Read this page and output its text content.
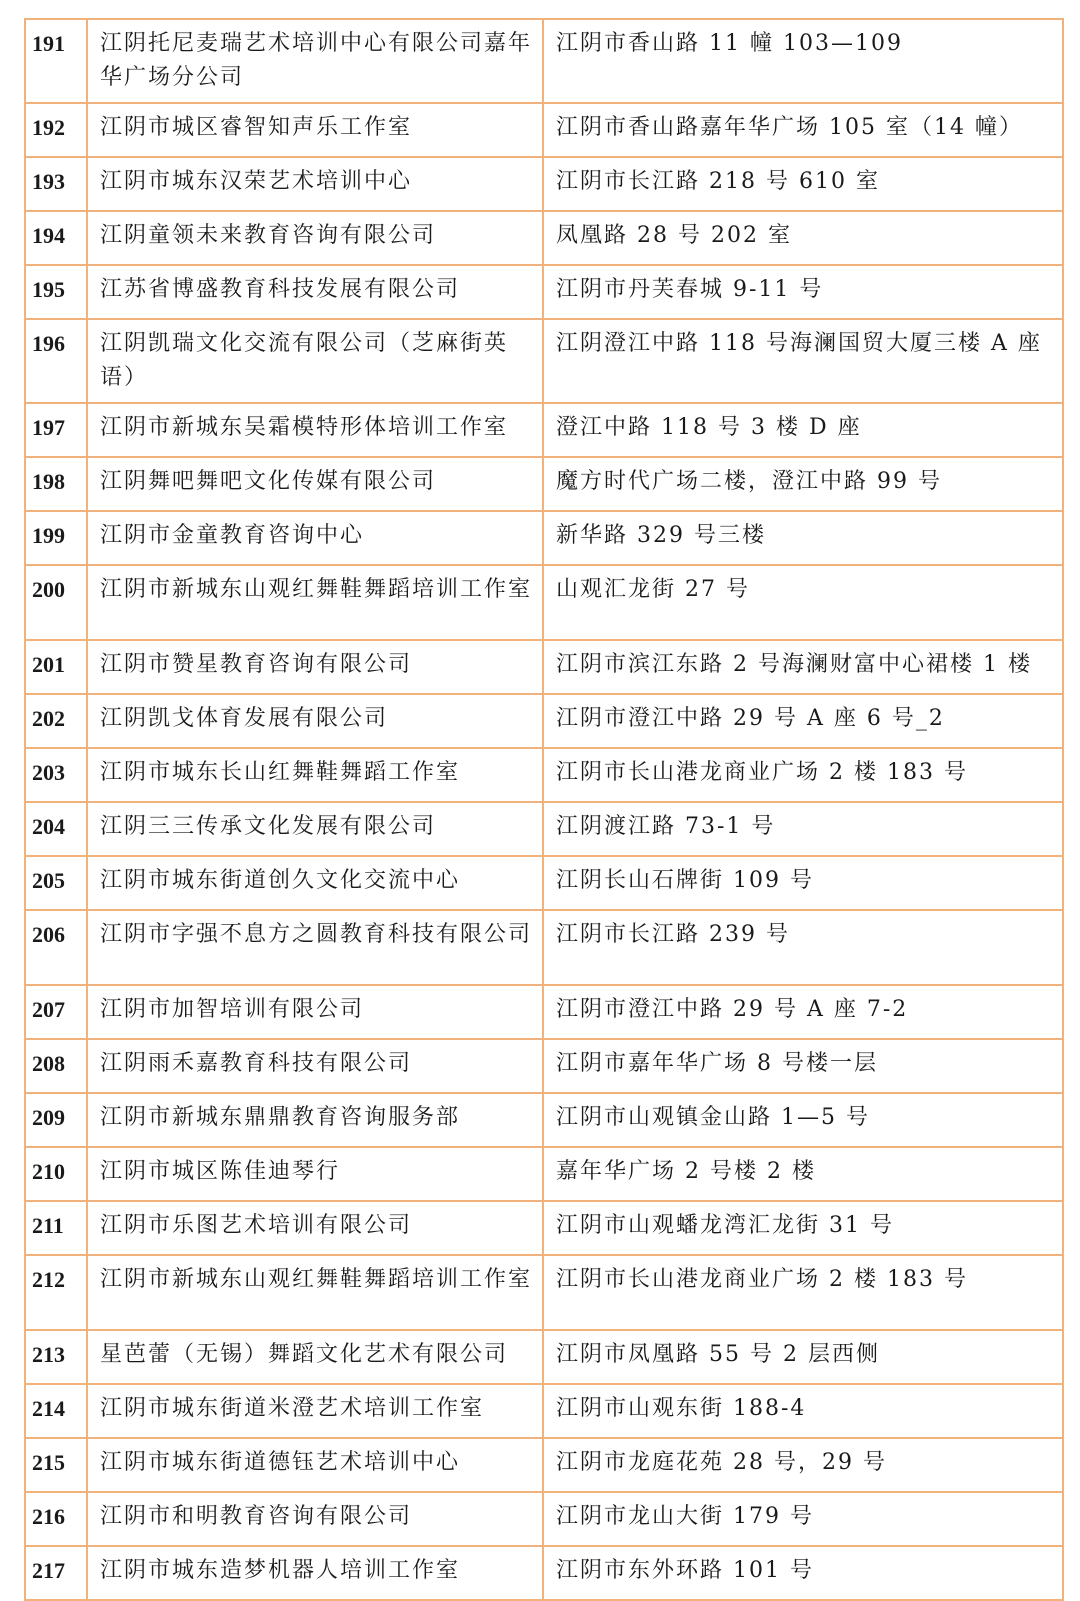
191	江阴托尼麦瑞艺术培训中心有限公司嘉年华广场分公司	江阴市香山路 11 幢 103—109
192	江阴市城区睿智知声乐工作室	江阴市香山路嘉年华广场 105 室（14 幢）
193	江阴市城东汉荣艺术培训中心	江阴市长江路 218 号 610 室
194	江阴童领未来教育咨询有限公司	凤凰路 28 号 202 室
195	江苏省博盛教育科技发展有限公司	江阴市丹芙春城 9-11 号
196	江阴凯瑞文化交流有限公司（芝麻街英语）	江阴澄江中路 118 号海澜国贸大厦三楼 A 座
197	江阴市新城东吴霜模特形体培训工作室	澄江中路 118 号 3 楼 D 座
198	江阴舞吧舞吧文化传媒有限公司	魔方时代广场二楼，澄江中路 99 号
199	江阴市金童教育咨询中心	新华路 329 号三楼
200	江阴市新城东山观红舞鞋舞蹈培训工作室	山观汇龙街 27 号
201	江阴市赞星教育咨询有限公司	江阴市滨江东路 2 号海澜财富中心裙楼 1 楼
202	江阴凯戈体育发展有限公司	江阴市澄江中路 29 号 A 座 6 号_2
203	江阴市城东长山红舞鞋舞蹈工作室	江阴市长山港龙商业广场 2 楼 183 号
204	江阴三三传承文化发展有限公司	江阴渡江路 73-1 号
205	江阴市城东街道创久文化交流中心	江阴长山石牌街 109 号
206	江阴市字强不息方之圆教育科技有限公司	江阴市长江路 239 号
207	江阴市加智培训有限公司	江阴市澄江中路 29 号 A 座 7-2
208	江阴雨禾嘉教育科技有限公司	江阴市嘉年华广场 8 号楼一层
209	江阴市新城东鼎鼎教育咨询服务部	江阴市山观镇金山路 1—5 号
210	江阴市城区陈佳迪琴行	嘉年华广场 2 号楼 2 楼
211	江阴市乐图艺术培训有限公司	江阴市山观蟠龙湾汇龙街 31 号
212	江阴市新城东山观红舞鞋舞蹈培训工作室	江阴市长山港龙商业广场 2 楼 183 号
213	星芭蕾（无锡）舞蹈文化艺术有限公司	江阴市凤凰路 55 号 2 层西侧
214	江阴市城东街道米澄艺术培训工作室	江阴市山观东街 188-4
215	江阴市城东街道德钰艺术培训中心	江阴市龙庭花苑 28 号，29 号
216	江阴市和明教育咨询有限公司	江阴市龙山大街 179 号
217	江阴市城东造梦机器人培训工作室	江阴市东外环路 101 号
